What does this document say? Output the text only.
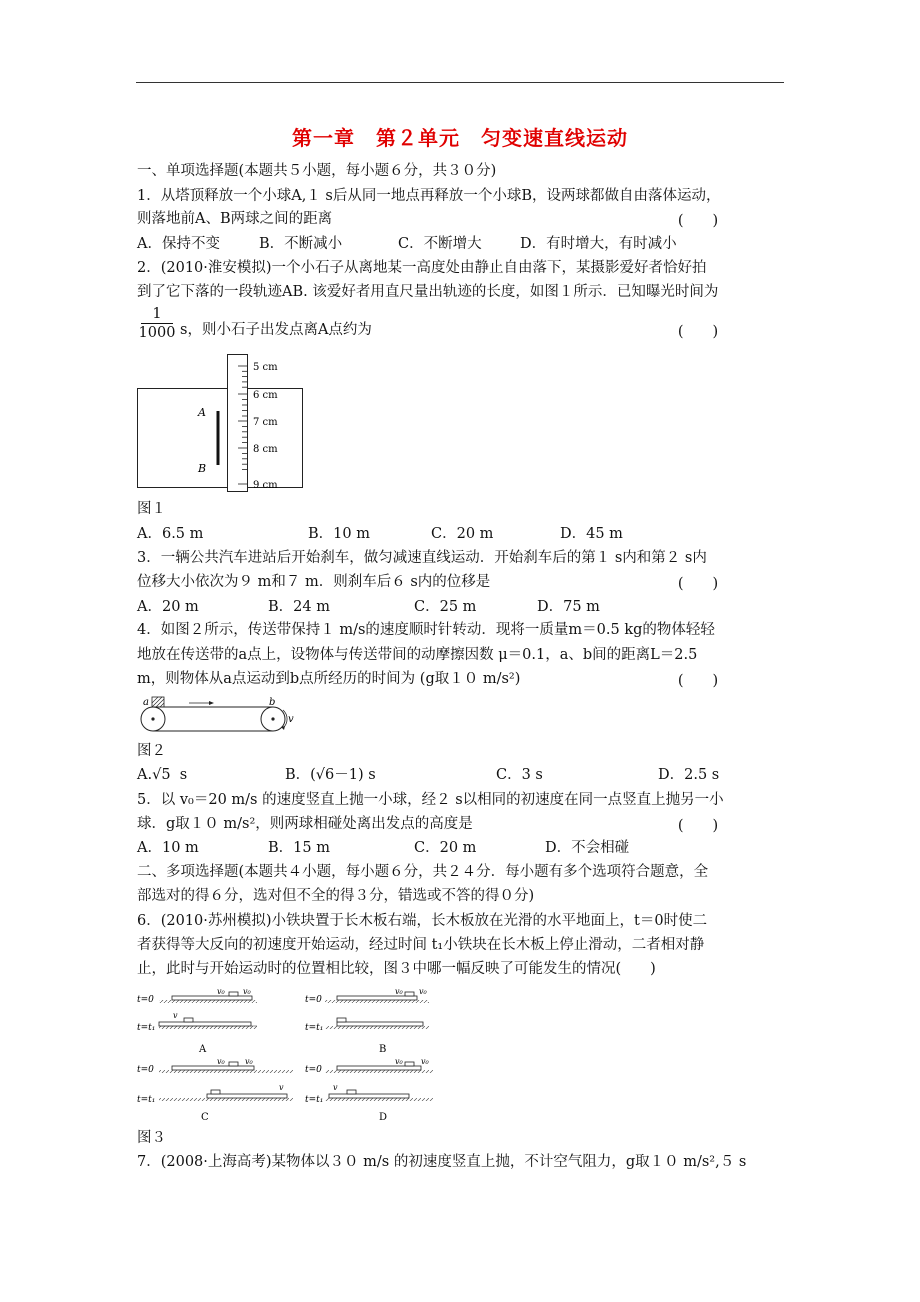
第一章　第２单元　匀变速直线运动
一、单项选择题(本题共５小题，每小题６分，共３０分)
1．从塔顶释放一个小球A,１ s后从同一地点再释放一个小球B，设两球都做自由落体运动，
则落地前A、B两球之间的距离	(　　)
A．保持不变	B．不断减小	C．不断增大	D．有时增大，有时减小
2．(2010·淮安模拟)一个小石子从离地某一高度处由静止自由落下，某摄影爱好者恰好拍
到了它下落的一段轨迹AB. 该爱好者用直尺量出轨迹的长度，如图１所示．已知曝光时间为
1
1000 s，则小石子出发点离A点约为	(　　)
5 cm
6 cm
7 cm
8 cm
9 cm
A
B
图１
A．6.5 m	B．10 m	C．20 m	D．45 m
3．一辆公共汽车进站后开始刹车，做匀减速直线运动．开始刹车后的第１ s内和第２ s内
位移大小依次为９ m和７ m．则刹车后６ s内的位移是	(　　)
A．20 m	B．24 m	C．25 m	D．75 m
4．如图２所示，传送带保持１ m/s的速度顺时针转动．现将一质量m＝0.5 kg的物体轻轻
地放在传送带的a点上，设物体与传送带间的动摩擦因数 μ＝0.1，a、b间的距离L＝2.5
m，则物体从a点运动到b点所经历的时间为 (g取１０ m/s²)	(　　)
a	b
v
图２
A.√5  s	B．(√6－1) s	C．3 s	D．2.5 s
5．以 v₀＝20 m/s 的速度竖直上抛一小球，经２ s以相同的初速度在同一点竖直上抛另一小
球．g取１０ m/s²，则两球相碰处离出发点的高度是	(　　)
A．10 m	B．15 m	C．20 m	D．不会相碰
二、多项选择题(本题共４小题，每小题６分，共２４分．每小题有多个选项符合题意，全
部选对的得６分，选对但不全的得３分，错选或不答的得０分)
6．(2010·苏州模拟)小铁块置于长木板右端，长木板放在光滑的水平地面上，t＝0时使二
者获得等大反向的初速度开始运动，经过时间 t₁小铁块在长木板上停止滑动，二者相对静
止，此时与开始运动时的位置相比较，图３中哪一幅反映了可能发生的情况(　　)
t=0
v₀ v₀
t=t₁
v
A
t=0
v₀ v₀
t=t₁
B
t=0
v₀	v₀
t=t₁
v
C
t=0
v₀ v₀
t=t₁
v
D
图３
7．(2008·上海高考)某物体以３０ m/s 的初速度竖直上抛，不计空气阻力，g取１０ m/s²,５ s
